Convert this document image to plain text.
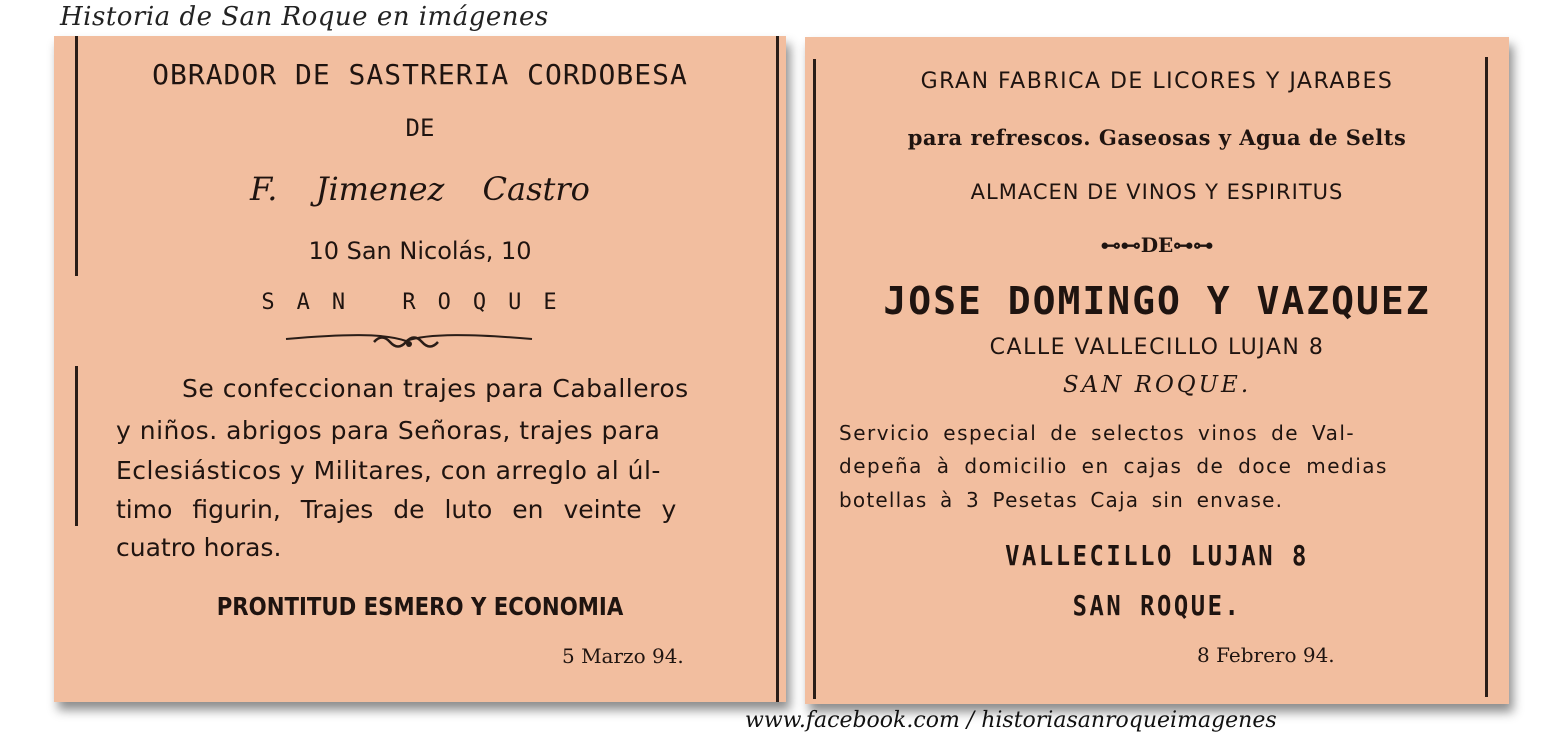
Historia de San Roque en imágenes
OBRADOR DE SASTRERIA CORDOBESA
DE
F. Jimenez Castro
10 San Nicolás, 10
SAN ROQUE
Se confeccionan trajes para Caballeros
y niños. abrigos para Señoras, trajes para
Eclesiásticos y Militares, con arreglo al úl-
timo figurin, Trajes de luto en veinte y
cuatro horas.
PRONTITUD ESMERO Y ECONOMIA
5 Marzo 94.
GRAN FABRICA DE LICORES Y JARABES
para refrescos. Gaseosas y Agua de Selts
ALMACEN DE VINOS Y ESPIRITUS
⊷⊷DE⊶⊶
JOSE DOMINGO Y VAZQUEZ
CALLE VALLECILLO LUJAN 8
SAN ROQUE.
Servicio especial de selectos vinos de Val-
depeña à domicilio en cajas de doce medias
botellas à 3 Pesetas Caja sin envase.
VALLECILLO LUJAN 8
SAN ROQUE.
8 Febrero 94.
www.facebook.com / historiasanroqueimagenes
